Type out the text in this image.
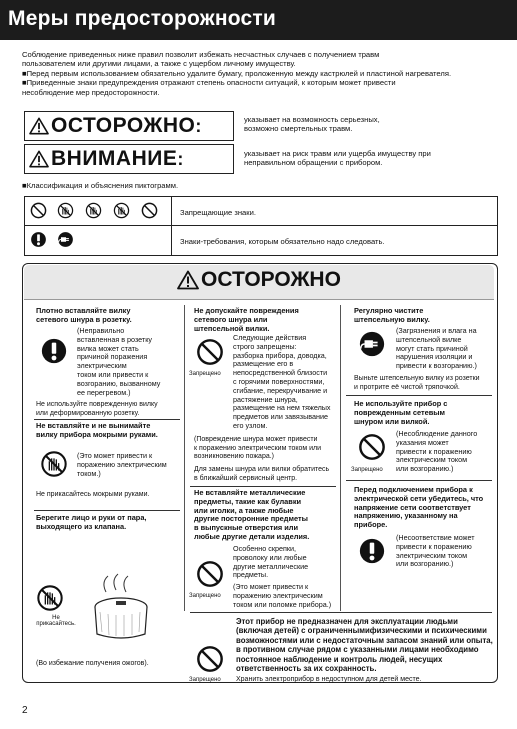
Меры предосторожности

Соблюдение приведенных ниже правил позволит избежать несчастных случаев с получением травм

пользователем или другими лицами, а также с ущербом личному имуществу.

■Перед первым использованием обязательно удалите бумагу, проложенную между кастрюлей и пластиной нагревателя.

■Приведенные знаки предупреждения отражают степень опасности ситуаций, к которым может привести

несоблюдение мер предосторожности.

ОСТОРОЖНО :	указывает на возможность серьезных,
возможно смертельных травм.
ВНИМАНИЕ :	указывает на риск травм или ущерба имуществу при
неправильном обращении с прибором.
■Классификация и объяснения пиктограмм.
Запрещающие знаки.
Знаки-требования, которым обязательно надо следовать.
ОСТОРОЖНО
Плотно вставляйте вилку
сетевого шнура в розетку.
(Неправильно
вставленная в розетку
вилка может стать
причиной поражения
электрическим
током или привести к
возгоранию, вызванному
ее перегревом.)
Не используйте поврежденную вилку
или деформированную розетку.
Не вставляйте и не вынимайте
вилку прибора мокрыми руками.
(Это может привести к
поражению электрическим
током.)
Не прикасайтесь мокрыми руками.
Берегите лицо и руки от пара,
выходящего из клапана.
Не
прикасайтесь.
(Во избежание получения ожогов).
Не допускайте повреждения
сетевого шнура или
штепсельной вилки.
Запрещено
Следующие действия
строго запрещены:
разборка прибора, доводка,
размещение его в
непосредственной близости
с горячими поверхностями,
сгибание, перекручивание и
растяжение шнура,
размещение на нем тяжелых
предметов или завязывание
его узлом.
(Повреждение шнура может привести
к поражению электрическим током или
возникновению пожара.)
Для замены шнура или вилки обратитесь
в ближайший сервисный центр.
Не вставляйте металлические
предметы, такие как булавки
или иголки, а также любые
другие посторонние предметы
в выпускные отверстия или
любые другие детали изделия.
Запрещено
Особенно скрепки,
проволоку или любые
другие металлические
предметы.
(Это может привести к
поражению электрическим
током или поломке прибора.)
Регулярно чистите
штепсельную вилку.
(Загрязнения и влага на
штепсельной вилке
могут стать причиной
нарушения изоляции и
привести к возгоранию.)
Выньте штепсельную вилку из розетки
и протрите её чистой тряпочкой.
Не используйте прибор с
поврежденным сетевым
шнуром или вилкой.
Запрещено
(Несоблюдение данного
указания может
привести к поражению
электрическим током
или возгоранию.)
Перед подключением прибора к
электрической сети убедитесь, что
напряжение сети соответствует
напряжению, указанному на
приборе.
(Несоответствие может
привести к поражению
электрическим током
или возгоранию.)
Этот прибор не предназначен для эксплуатации людьми
(включая детей) с ограниченнымифизическими и психическими
возможностями или с недостаточным запасом знаний или опыта,
в противном случае рядом с указанными лицами необходимо
постоянное наблюдение и контроль людей, несущих
ответственность за их сохранность.
Запрещено Хранить электроприбор в недоступном для детей месте.
2
